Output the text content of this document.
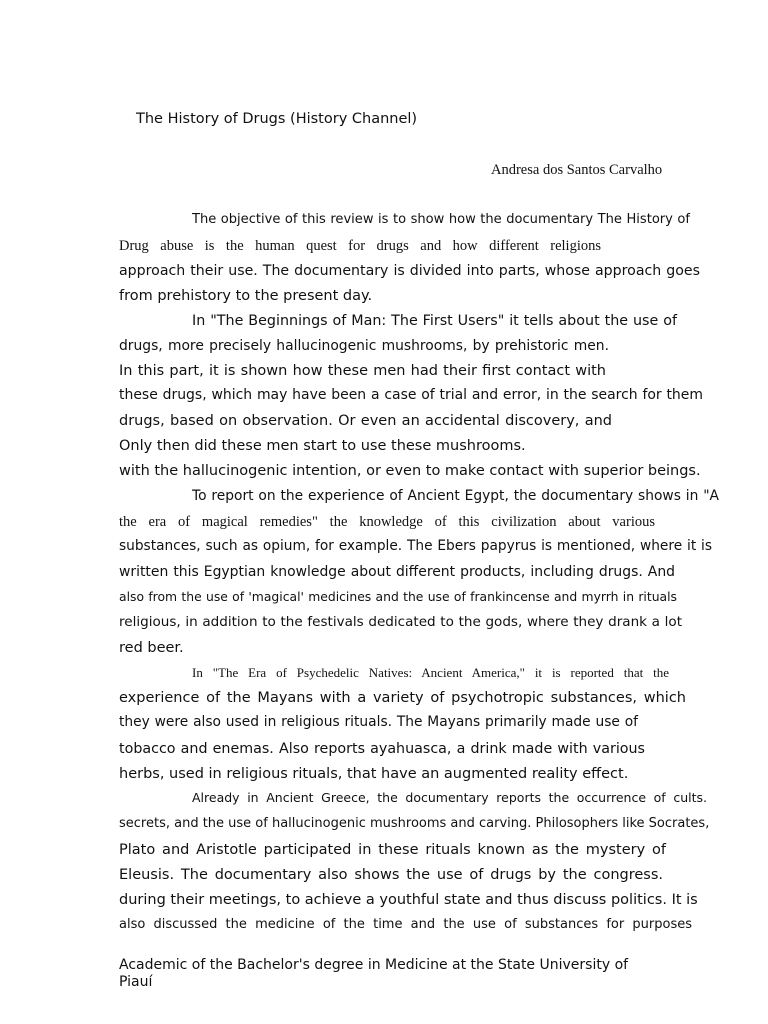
The History of Drugs (History Channel)
Andresa dos Santos Carvalho
The objective of this review is to show how the documentary The History of
Drug abuse is the human quest for drugs and how different religions
approach their use. The documentary is divided into parts, whose approach goes
from prehistory to the present day.
In "The Beginnings of Man: The First Users" it tells about the use of
drugs, more precisely hallucinogenic mushrooms, by prehistoric men.
In this part, it is shown how these men had their first contact with
these drugs, which may have been a case of trial and error, in the search for them
drugs, based on observation. Or even an accidental discovery, and
Only then did these men start to use these mushrooms.
with the hallucinogenic intention, or even to make contact with superior beings.
To report on the experience of Ancient Egypt, the documentary shows in "A
the era of magical remedies" the knowledge of this civilization about various
substances, such as opium, for example. The Ebers papyrus is mentioned, where it is
written this Egyptian knowledge about different products, including drugs. And
also from the use of 'magical' medicines and the use of frankincense and myrrh in rituals
religious, in addition to the festivals dedicated to the gods, where they drank a lot
red beer.
In "The Era of Psychedelic Natives: Ancient America," it is reported that the
experience of the Mayans with a variety of psychotropic substances, which
they were also used in religious rituals. The Mayans primarily made use of
tobacco and enemas. Also reports ayahuasca, a drink made with various
herbs, used in religious rituals, that have an augmented reality effect.
Already in Ancient Greece, the documentary reports the occurrence of cults.
secrets, and the use of hallucinogenic mushrooms and carving. Philosophers like Socrates,
Plato and Aristotle participated in these rituals known as the mystery of
Eleusis. The documentary also shows the use of drugs by the congress.
during their meetings, to achieve a youthful state and thus discuss politics. It is
also discussed the medicine of the time and the use of substances for purposes
Academic of the Bachelor's degree in Medicine at the State University of
Piauí
